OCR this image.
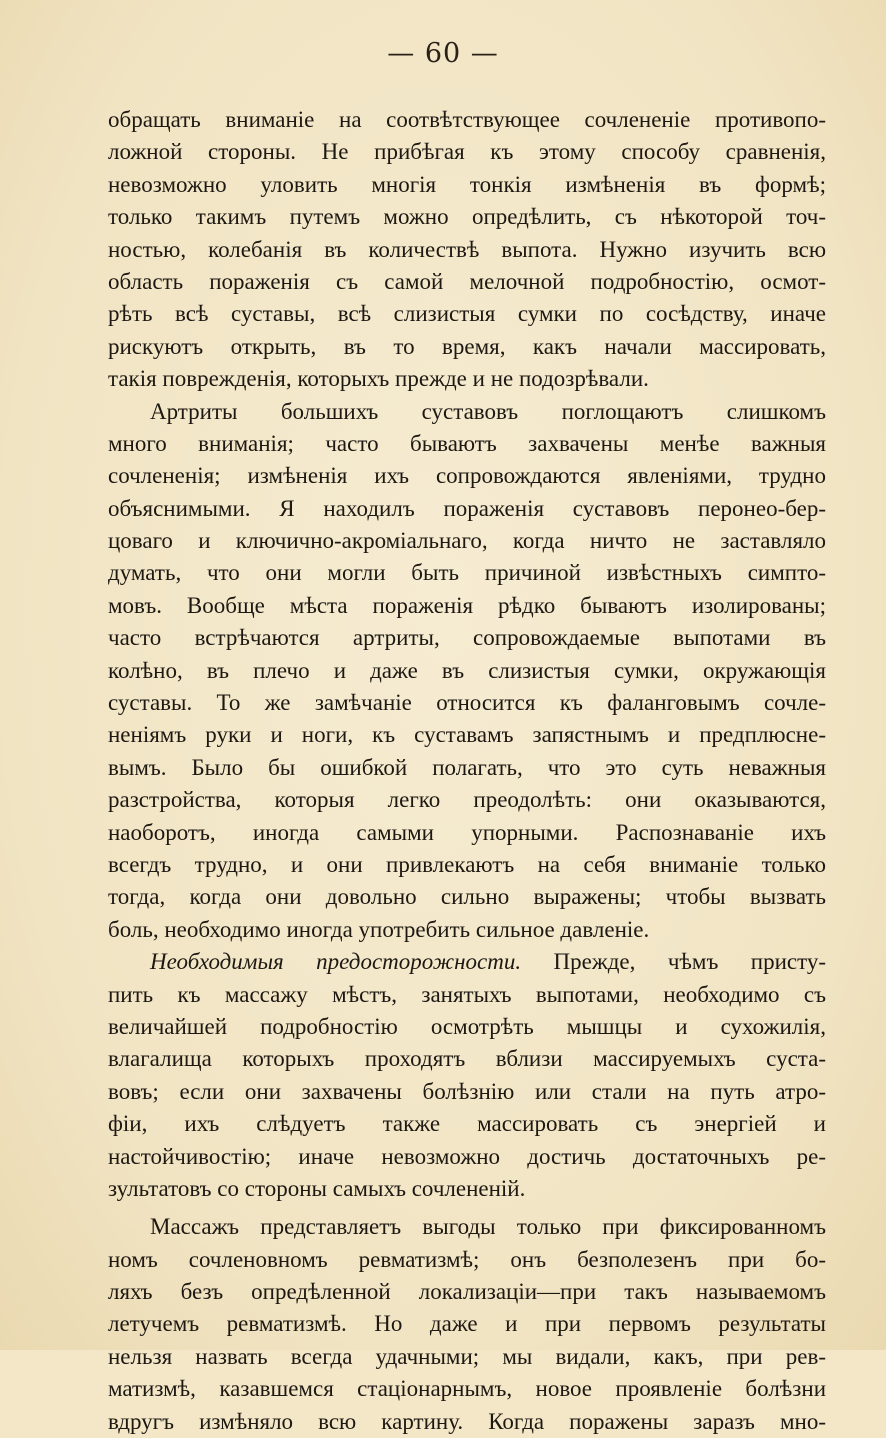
— 60 —
обращать вниманіе на соотвѣтствующее сочлененіе противопо-
ложной стороны. Не прибѣгая къ этому способу сравненія,
невозможно уловить многія тонкія измѣненія въ формѣ;
только такимъ путемъ можно опредѣлить, съ нѣкоторой точ-
ностью, колебанія въ количествѣ выпота. Нужно изучить всю
область пораженія съ самой мелочной подробностію, осмот-
рѣть всѣ суставы, всѣ слизистыя сумки по сосѣдству, иначе
рискуютъ открыть, въ то время, какъ начали массировать,
такія поврежденія, которыхъ прежде и не подозрѣвали.
Артриты большихъ суставовъ поглощаютъ слишкомъ
много вниманія; часто бываютъ захвачены менѣе важныя
сочлененія; измѣненія ихъ сопровождаются явленіями, трудно
объяснимыми. Я находилъ пораженія суставовъ перонео-бер-
цоваго и ключично-акроміальнаго, когда ничто не заставляло
думать, что они могли быть причиной извѣстныхъ симпто-
мовъ. Вообще мѣста пораженія рѣдко бываютъ изолированы;
часто встрѣчаются артриты, сопровождаемые выпотами въ
колѣно, въ плечо и даже въ слизистыя сумки, окружающія
суставы. То же замѣчаніе относится къ фаланговымъ сочле-
неніямъ руки и ноги, къ суставамъ запястнымъ и предплюсне-
вымъ. Было бы ошибкой полагать, что это суть неважныя
разстройства, которыя легко преодолѣть: они оказываются,
наоборотъ, иногда самыми упорными. Распознаваніе ихъ
всегдъ трудно, и они привлекаютъ на себя вниманіе только
тогда, когда они довольно сильно выражены; чтобы вызвать
боль, необходимо иногда употребить сильное давленіе.
Необходимыя предосторожности. Прежде, чѣмъ присту-
пить къ массажу мѣстъ, занятыхъ выпотами, необходимо съ
величайшей подробностію осмотрѣть мышцы и сухожилія,
влагалища которыхъ проходятъ вблизи массируемыхъ суста-
вовъ; если они захвачены болѣзнію или стали на путь атро-
фіи, ихъ слѣдуетъ также массировать съ энергіей и
настойчивостію; иначе невозможно достичь достаточныхъ ре-
зультатовъ со стороны самыхъ сочлененій.
Массажъ представляетъ выгоды только при фиксированномъ
номъ сочленовномъ ревматизмѣ; онъ безполезенъ при бо-
ляхъ безъ опредѣленной локализаціи—при такъ называемомъ
летучемъ ревматизмѣ. Но даже и при первомъ результаты
нельзя назвать всегда удачными; мы видали, какъ, при рев-
матизмѣ, казавшемся стаціонарнымъ, новое проявленіе болѣзни
вдругъ измѣняло всю картину. Когда поражены заразъ мно-
